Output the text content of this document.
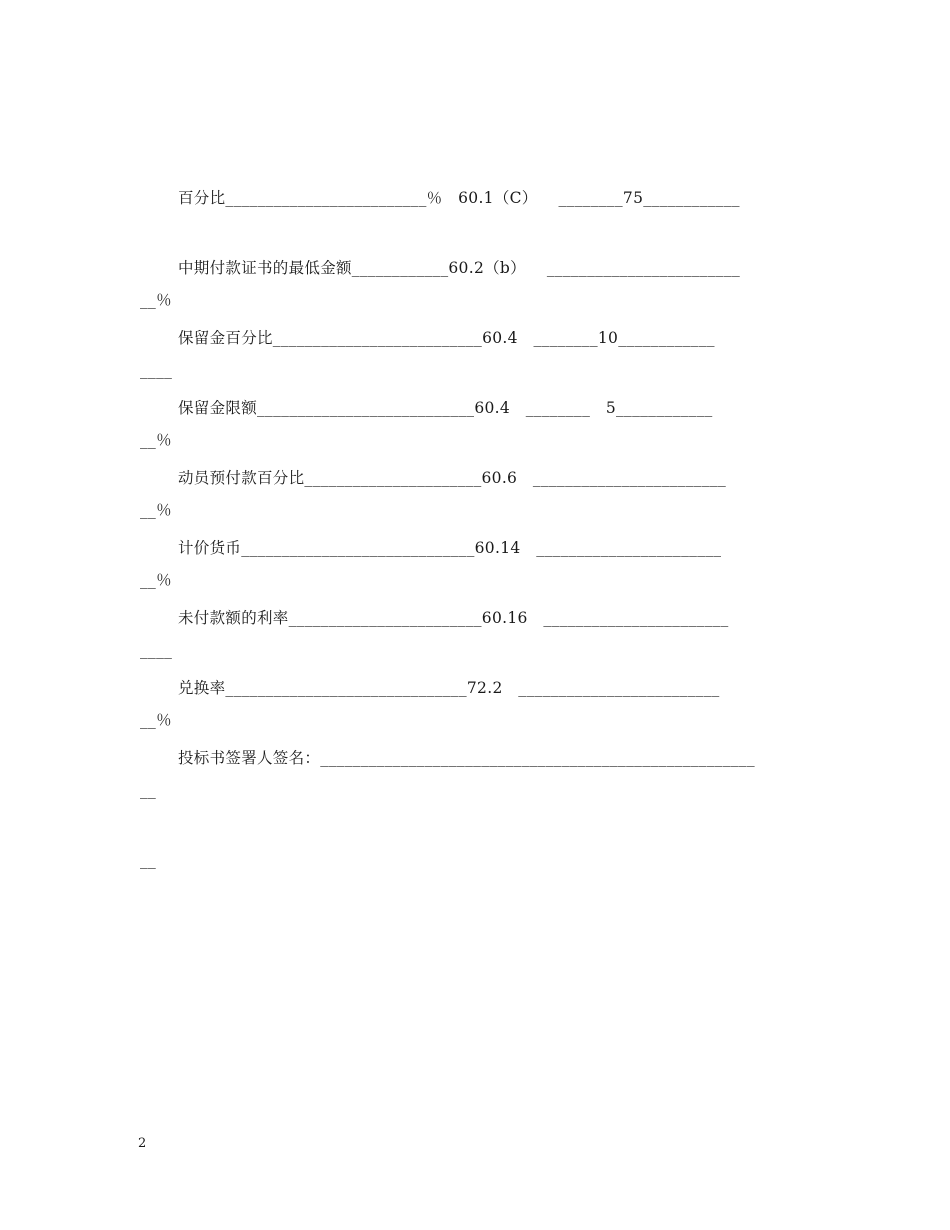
百分比_________________________％   60.1（C）    ________75____________

__％

中期付款证书的最低金额____________60.2（b）    ________________________

____

保留金百分比__________________________60.4   ________10____________

__％

保留金限额___________________________60.4   ________   5____________

__％

动员预付款百分比______________________60.6   ________________________

__％

计价货币_____________________________60.14   _______________________

____

未付款额的利率________________________60.16   _______________________

__％

兑换率______________________________72.2   _________________________

__

投标书签署人签名：______________________________________________________

__

2
